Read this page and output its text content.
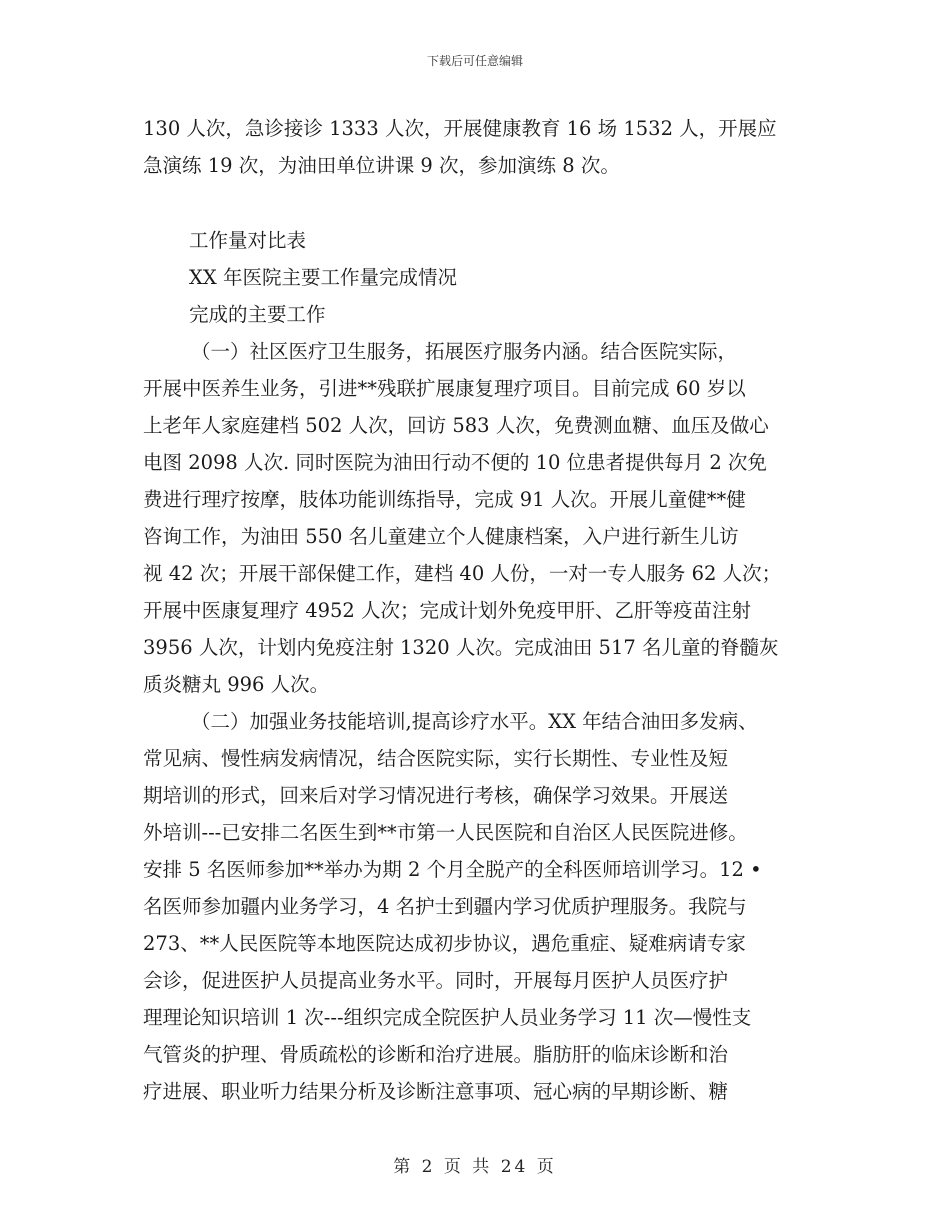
下载后可任意编辑
130 人次，急诊接诊 1333 人次，开展健康教育 16 场 1532 人，开展应
急演练 19 次，为油田单位讲课 9 次，参加演练 8 次。
工作量对比表
XX 年医院主要工作量完成情况
完成的主要工作
（一）社区医疗卫生服务，拓展医疗服务内涵。结合医院实际，
开展中医养生业务，引进**残联扩展康复理疗项目。目前完成 60 岁以
上老年人家庭建档 502 人次，回访 583 人次，免费测血糖、血压及做心
电图 2098 人次. 同时医院为油田行动不便的 10 位患者提供每月 2 次免
费进行理疗按摩，肢体功能训练指导，完成 91 人次。开展儿童健**健
咨询工作，为油田 550 名儿童建立个人健康档案，入户进行新生儿访
视 42 次；开展干部保健工作，建档 40 人份，一对一专人服务 62 人次；
开展中医康复理疗 4952 人次；完成计划外免疫甲肝、乙肝等疫苗注射
3956 人次，计划内免疫注射 1320 人次。完成油田 517 名儿童的脊髓灰
质炎糖丸 996 人次。
（二）加强业务技能培训,提高诊疗水平。XX 年结合油田多发病、
常见病、慢性病发病情况，结合医院实际，实行长期性、专业性及短
期培训的形式，回来后对学习情况进行考核，确保学习效果。开展送
外培训---已安排二名医生到**市第一人民医院和自治区人民医院进修。
安排 5 名医师参加**举办为期 2 个月全脱产的全科医师培训学习。12 •
名医师参加疆内业务学习，4 名护士到疆内学习优质护理服务。我院与
273、**人民医院等本地医院达成初步协议，遇危重症、疑难病请专家
会诊，促进医护人员提高业务水平。同时，开展每月医护人员医疗护
理理论知识培训 1 次---组织完成全院医护人员业务学习 11 次—慢性支
气管炎的护理、骨质疏松的诊断和治疗进展。脂肪肝的临床诊断和治
疗进展、职业听力结果分析及诊断注意事项、冠心病的早期诊断、糖
第 2 页 共 24 页
